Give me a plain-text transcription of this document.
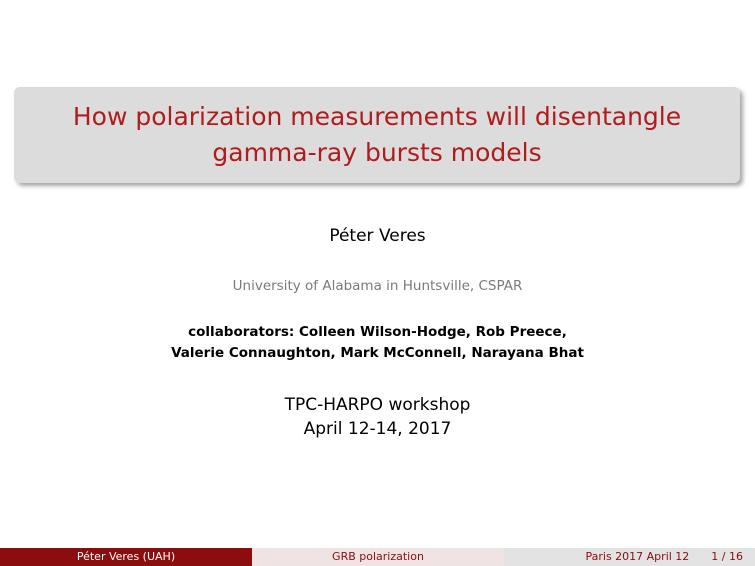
How polarization measurements will disentangle
gamma-ray bursts models
Péter Veres
University of Alabama in Huntsville, CSPAR
collaborators: Colleen Wilson-Hodge, Rob Preece,
Valerie Connaughton, Mark McConnell, Narayana Bhat
TPC-HARPO workshop
April 12-14, 2017
Péter Veres (UAH)	GRB polarization	Paris 2017 April 12 1 / 16
